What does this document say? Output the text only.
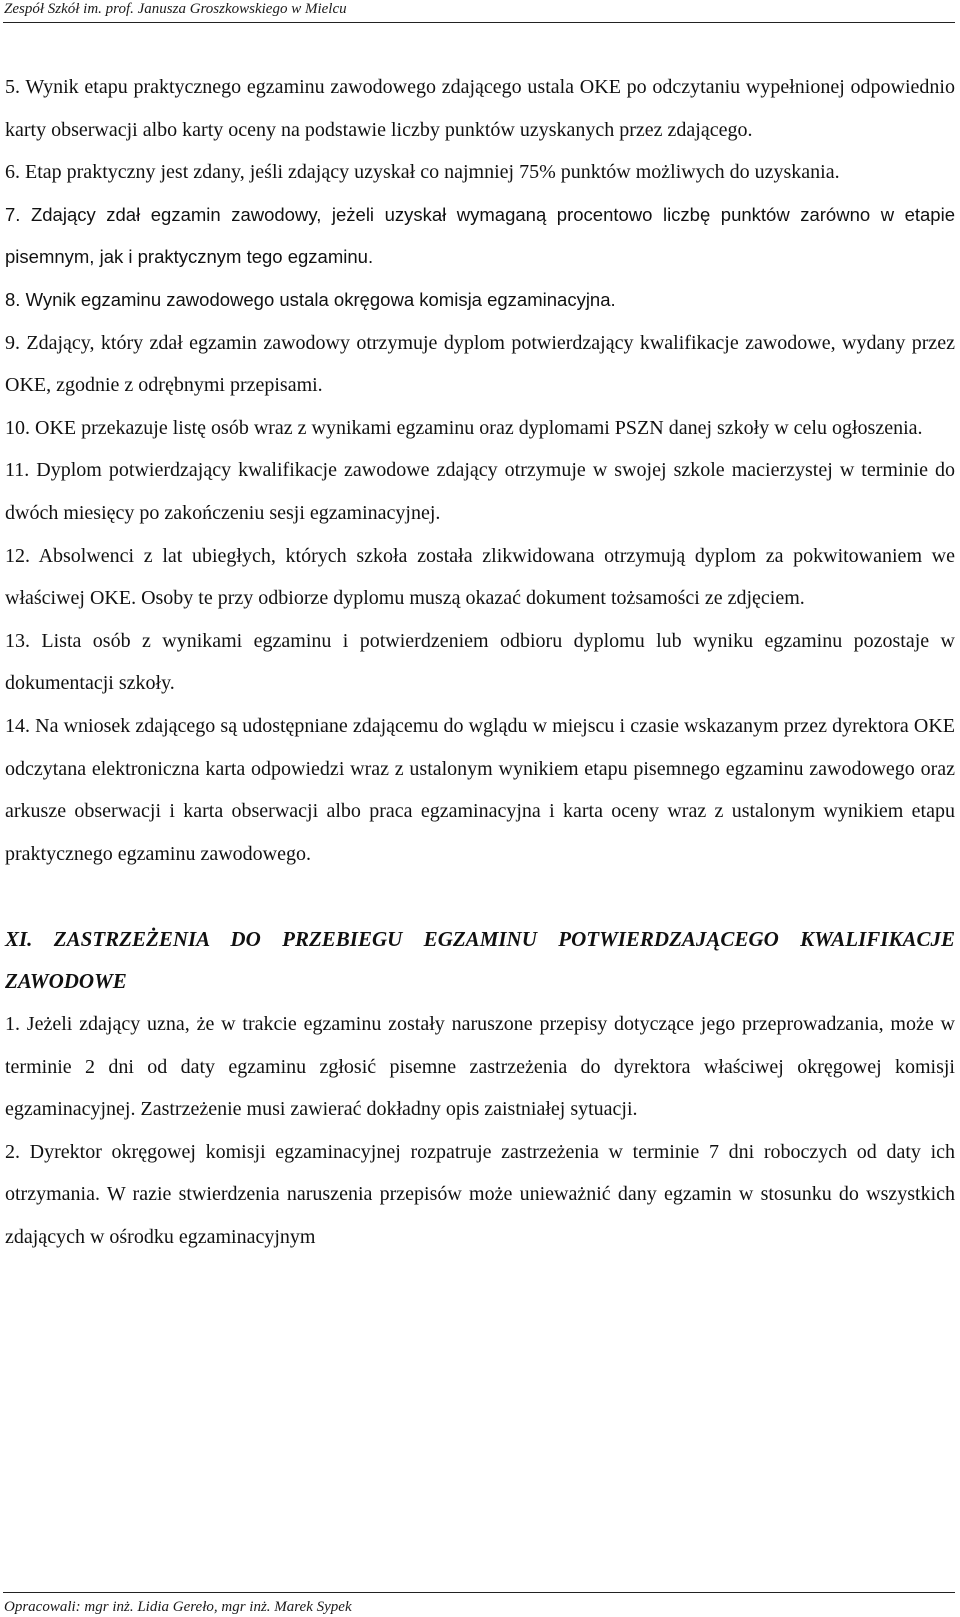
Zespół Szkół im. prof. Janusza Groszkowskiego w Mielcu

5. Wynik etapu praktycznego egzaminu zawodowego zdającego ustala OKE po odczytaniu wypełnionej odpowiednio karty obserwacji albo karty oceny na podstawie liczby punktów uzyskanych przez zdającego.

6. Etap praktyczny jest zdany, jeśli zdający uzyskał co najmniej 75% punktów możliwych do uzyskania.

7. Zdający zdał egzamin zawodowy, jeżeli uzyskał wymaganą procentowo liczbę punktów zarówno w etapie pisemnym, jak i praktycznym tego egzaminu.

8. Wynik egzaminu zawodowego ustala okręgowa komisja egzaminacyjna.

9. Zdający, który zdał egzamin zawodowy otrzymuje dyplom potwierdzający kwalifikacje zawodowe, wydany przez OKE, zgodnie z odrębnymi przepisami.

10. OKE przekazuje listę osób wraz z wynikami egzaminu oraz dyplomami PSZN danej szkoły w celu ogłoszenia.

11. Dyplom potwierdzający kwalifikacje zawodowe zdający otrzymuje w swojej szkole macierzystej w terminie do dwóch miesięcy po zakończeniu sesji egzaminacyjnej.

12. Absolwenci z lat ubiegłych, których szkoła została zlikwidowana otrzymują dyplom za pokwitowaniem we właściwej OKE. Osoby te przy odbiorze dyplomu muszą okazać dokument tożsamości ze zdjęciem.

13. Lista osób z wynikami egzaminu i potwierdzeniem odbioru dyplomu lub wyniku egzaminu pozostaje w dokumentacji szkoły.

14. Na wniosek zdającego są udostępniane zdającemu do wglądu w miejscu i czasie wskazanym przez dyrektora OKE odczytana elektroniczna karta odpowiedzi wraz z ustalonym wynikiem etapu pisemnego egzaminu zawodowego oraz arkusze obserwacji i karta obserwacji albo praca egzaminacyjna i karta oceny wraz z ustalonym wynikiem etapu praktycznego egzaminu zawodowego.

XI. ZASTRZEŻENIA DO PRZEBIEGU EGZAMINU POTWIERDZAJĄCEGO KWALIFIKACJE ZAWODOWE

1. Jeżeli zdający uzna, że w trakcie egzaminu zostały naruszone przepisy dotyczące jego przeprowadzania, może w terminie 2 dni od daty egzaminu zgłosić pisemne zastrzeżenia do dyrektora właściwej okręgowej komisji egzaminacyjnej. Zastrzeżenie musi zawierać dokładny opis zaistniałej sytuacji.

2. Dyrektor okręgowej komisji egzaminacyjnej rozpatruje zastrzeżenia w terminie 7 dni roboczych od daty ich otrzymania. W razie stwierdzenia naruszenia przepisów może unieważnić dany egzamin w stosunku do wszystkich zdających w ośrodku egzaminacyjnym

Opracowali: mgr inż. Lidia Gereło, mgr inż. Marek Sypek
